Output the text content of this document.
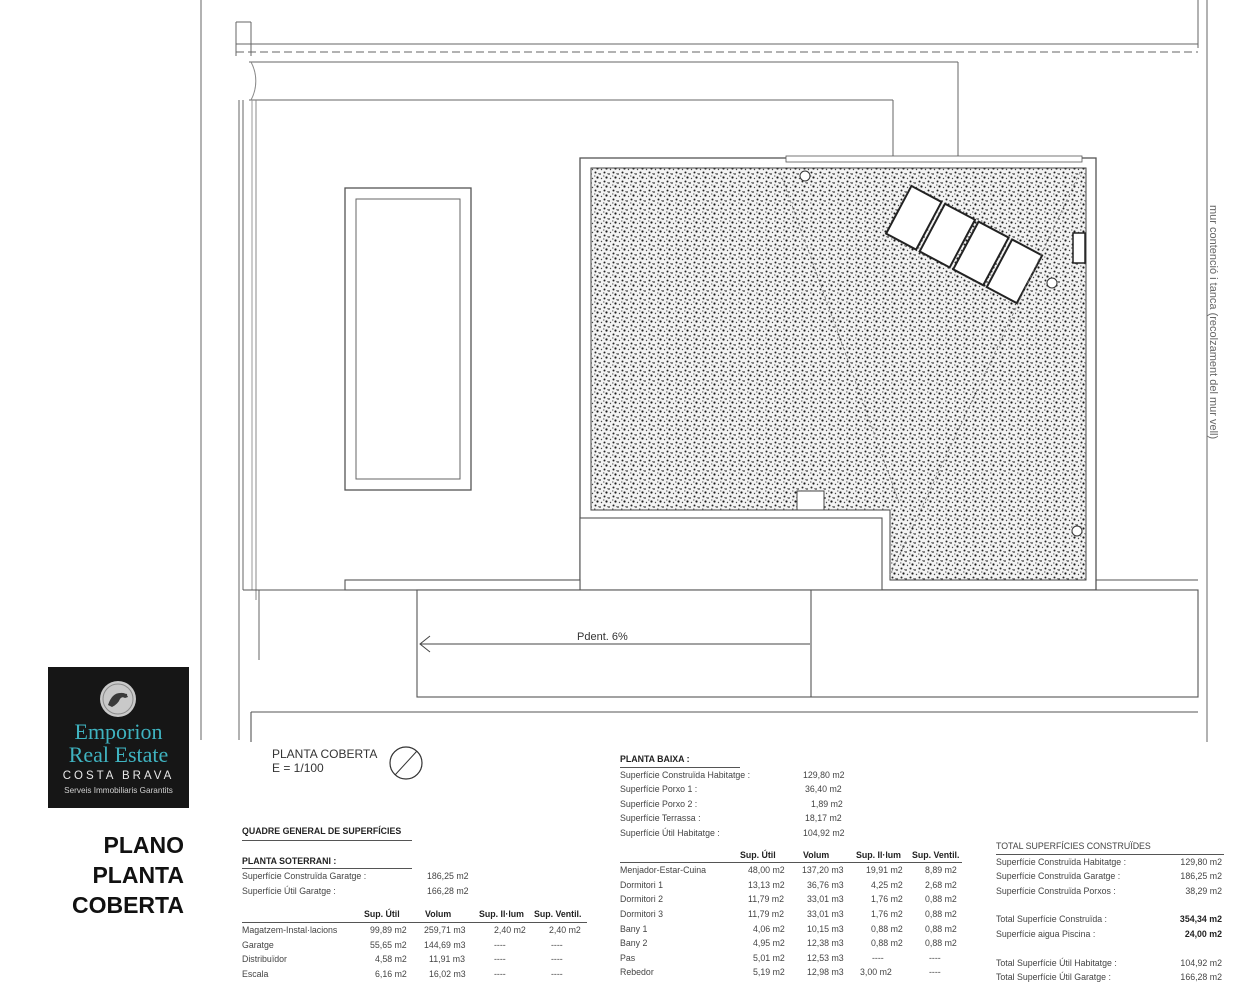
Pdent. 6%
mur contenció i tanca (recolzament del mur vell)
PLANTA COBERTA
E = 1/100
Emporion
Real Estate
COSTA BRAVA
Serveis Immobiliaris Garantits
PLANO
PLANTA
COBERTA
QUADRE GENERAL DE SUPERFÍCIES
PLANTA SOTERRANI :
Superfície Construïda Garatge :	186,25 m2
Superfície Útil Garatge :	166,28 m2
Sup. Útil	Volum	Sup. Il·lum Sup. Ventil.
Magatzem-Instal·lacions	99,89 m2 259,71 m3	2,40 m2	2,40 m2
Garatge	55,65 m2 144,69 m3	----	----
Distribuïdor	4,58 m2	11,91 m3	----	----
Escala	6,16 m2	16,02 m3	----	----
PLANTA BAIXA :
Superfície Construïda Habitatge :	129,80 m2
Superfície Porxo 1 :	36,40 m2
Superfície Porxo 2 :	1,89 m2
Superfície Terrassa :	18,17 m2
Superfície Útil Habitatge :	104,92 m2
Sup. Útil	Volum	Sup. Il·lum Sup. Ventil.
Menjador-Estar-Cuina	48,00 m2 137,20 m3	19,91 m2	8,89 m2
Dormitori 1	13,13 m2	36,76 m3	4,25 m2	2,68 m2
Dormitori 2	11,79 m2	33,01 m3	1,76 m2	0,88 m2
Dormitori 3	11,79 m2	33,01 m3	1,76 m2	0,88 m2
Bany 1	4,06 m2	10,15 m3	0,88 m2	0,88 m2
Bany 2	4,95 m2	12,38 m3	0,88 m2	0,88 m2
Pas	5,01 m2	12,53 m3	----	----
Rebedor	5,19 m2	12,98 m3 3,00 m2	----
TOTAL SUPERFÍCIES CONSTRUÏDES
Superfície Construïda Habitatge :	129,80 m2
Superfície Construïda Garatge :	186,25 m2
Superfície Construïda Porxos :	38,29 m2
Total Superfície Construïda :	354,34 m2
Superfície aigua Piscina :	24,00 m2
Total Superfície Útil Habitatge :	104,92 m2
Total Superfície Útil Garatge :	166,28 m2
